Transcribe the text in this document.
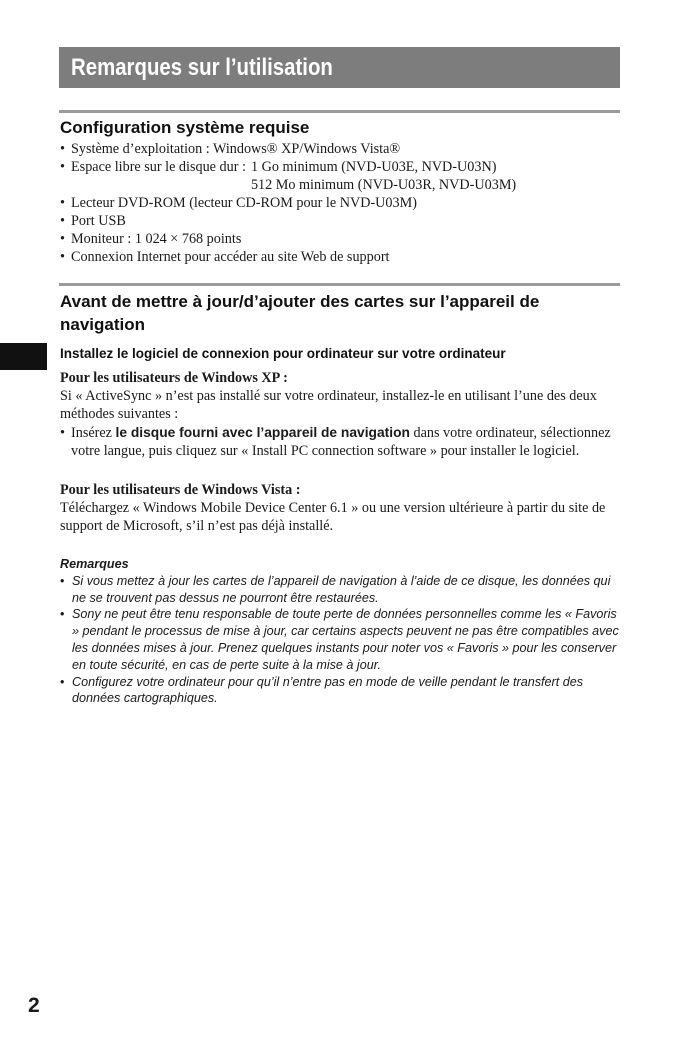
Remarques sur l’utilisation
Configuration système requise
• Système d’exploitation : Windows® XP/Windows Vista®
• Espace libre sur le disque dur : 1 Go minimum (NVD-U03E, NVD-U03N)
512 Mo minimum (NVD-U03R, NVD-U03M)
• Lecteur DVD-ROM (lecteur CD-ROM pour le NVD-U03M)
• Port USB
• Moniteur : 1 024 × 768 points
• Connexion Internet pour accéder au site Web de support
Avant de mettre à jour/d’ajouter des cartes sur l’appareil de navigation
Installez le logiciel de connexion pour ordinateur sur votre ordinateur
Pour les utilisateurs de Windows XP :
Si « ActiveSync » n’est pas installé sur votre ordinateur, installez-le en utilisant l’une des deux méthodes suivantes :
• Insérez le disque fourni avec l’appareil de navigation dans votre ordinateur, sélectionnez votre langue, puis cliquez sur « Install PC connection software » pour installer le logiciel.
Pour les utilisateurs de Windows Vista :
Téléchargez « Windows Mobile Device Center 6.1 » ou une version ultérieure à partir du site de support de Microsoft, s’il n’est pas déjà installé.
Remarques
• Si vous mettez à jour les cartes de l’appareil de navigation à l’aide de ce disque, les données qui ne se trouvent pas dessus ne pourront être restaurées.
• Sony ne peut être tenu responsable de toute perte de données personnelles comme les « Favoris » pendant le processus de mise à jour, car certains aspects peuvent ne pas être compatibles avec les données mises à jour. Prenez quelques instants pour noter vos « Favoris » pour les conserver en toute sécurité, en cas de perte suite à la mise à jour.
• Configurez votre ordinateur pour qu’il n’entre pas en mode de veille pendant le transfert des données cartographiques.
2
